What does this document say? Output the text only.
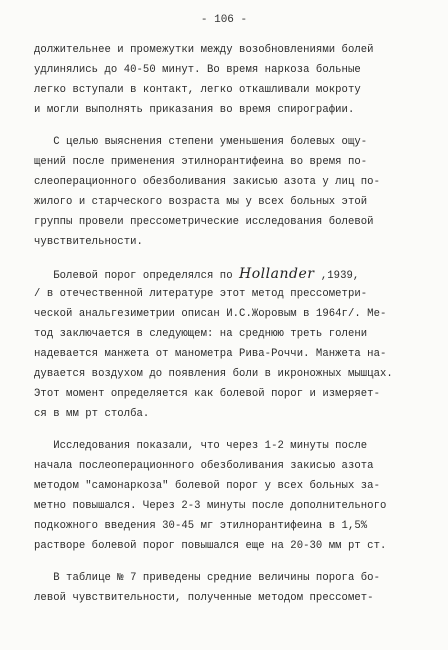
- 106 -
должительнее и промежутки между возобновлениями болей
удлинялись до 40-50 минут. Во время наркоза больные
легко вступали в контакт, легко откашливали мокроту
и могли выполнять приказания во время спирографии.
С целью выяснения степени уменьшения болевых ощу-
щений после применения этилнорантифеина во время по-
слеоперационного обезболивания закисью азота у лиц по-
жилого и старческого возраста мы у всех больных этой
группы провели прессометрические исследования болевой
чувствительности.
Болевой порог определялся по Hollander ,1939,
/ в отечественной литературе этот метод прессометри-
ческой анальгезиметрии описан И.С.Жоровым в 1964г/. Ме-
тод заключается в следующем: на среднюю треть голени
надевается манжета от манометра Рива-Роччи. Манжета на-
дувается воздухом до появления боли в икроножных мышцах.
Этот момент определяется как болевой порог и измеряет-
ся в мм рт столба.
Исследования показали, что через 1-2 минуты после
начала послеоперационного обезболивания закисью азота
методом "самонаркоза" болевой порог у всех больных за-
метно повышался. Через 2-3 минуты после дополнительного
подкожного введения 30-45 мг этилнорантифеина в 1,5%
растворе болевой порог повышался еще на 20-30 мм рт ст.
В таблице № 7 приведены средние величины порога бо-
левой чувствительности, полученные методом прессомет-
